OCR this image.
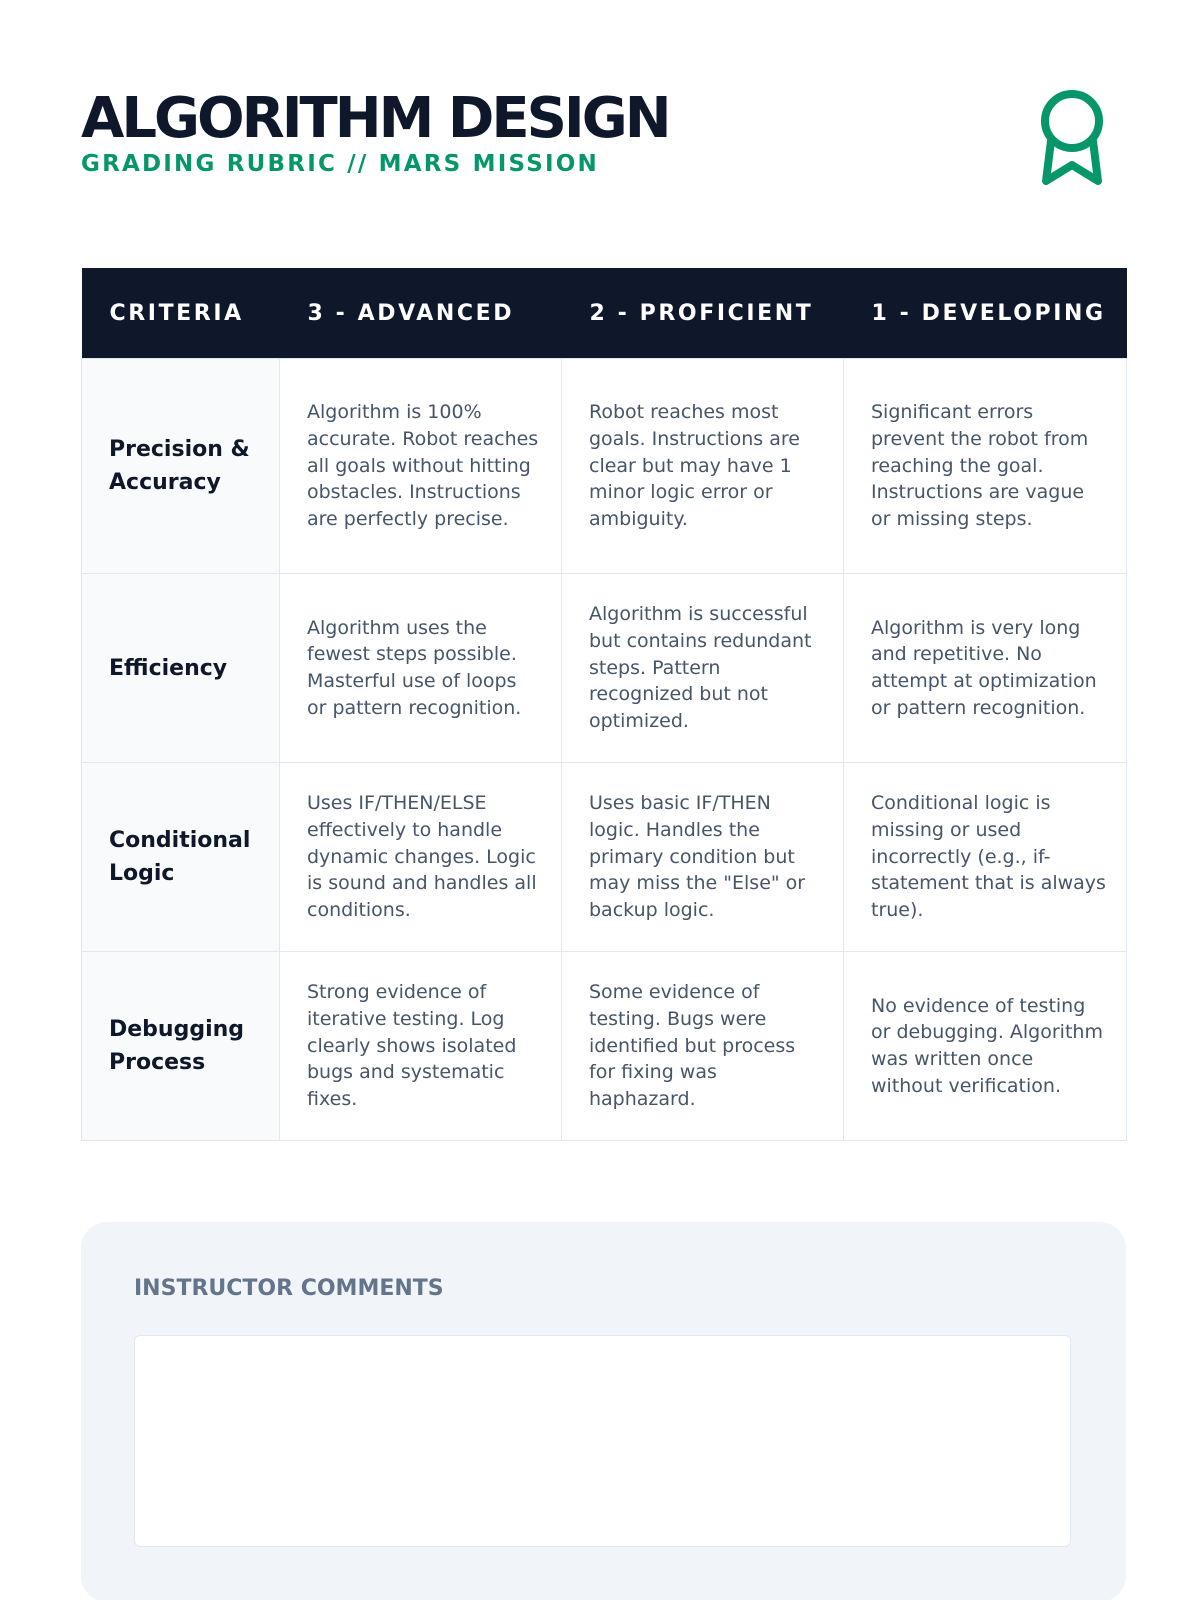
ALGORITHM DESIGN
GRADING RUBRIC // MARS MISSION
CRITERIA	3 - ADVANCED	2 - PROFICIENT	1 - DEVELOPING
Precision & Accuracy	Algorithm is 100% accurate. Robot reaches all goals without hitting obstacles. Instructions are perfectly precise.	Robot reaches most goals. Instructions are clear but may have 1 minor logic error or ambiguity.	Significant errors prevent the robot from reaching the goal. Instructions are vague or missing steps.
Efficiency	Algorithm uses the fewest steps possible. Masterful use of loops or pattern recognition.	Algorithm is successful but contains redundant steps. Pattern recognized but not optimized.	Algorithm is very long and repetitive. No attempt at optimization or pattern recognition.
Conditional Logic	Uses IF/THEN/ELSE effectively to handle dynamic changes. Logic is sound and handles all conditions.	Uses basic IF/THEN logic. Handles the primary condition but may miss the "Else" or backup logic.	Conditional logic is missing or used incorrectly (e.g., if-statement that is always true).
Debugging Process	Strong evidence of iterative testing. Log clearly shows isolated bugs and systematic fixes.	Some evidence of testing. Bugs were identified but process for fixing was haphazard.	No evidence of testing or debugging. Algorithm was written once without verification.
INSTRUCTOR COMMENTS
